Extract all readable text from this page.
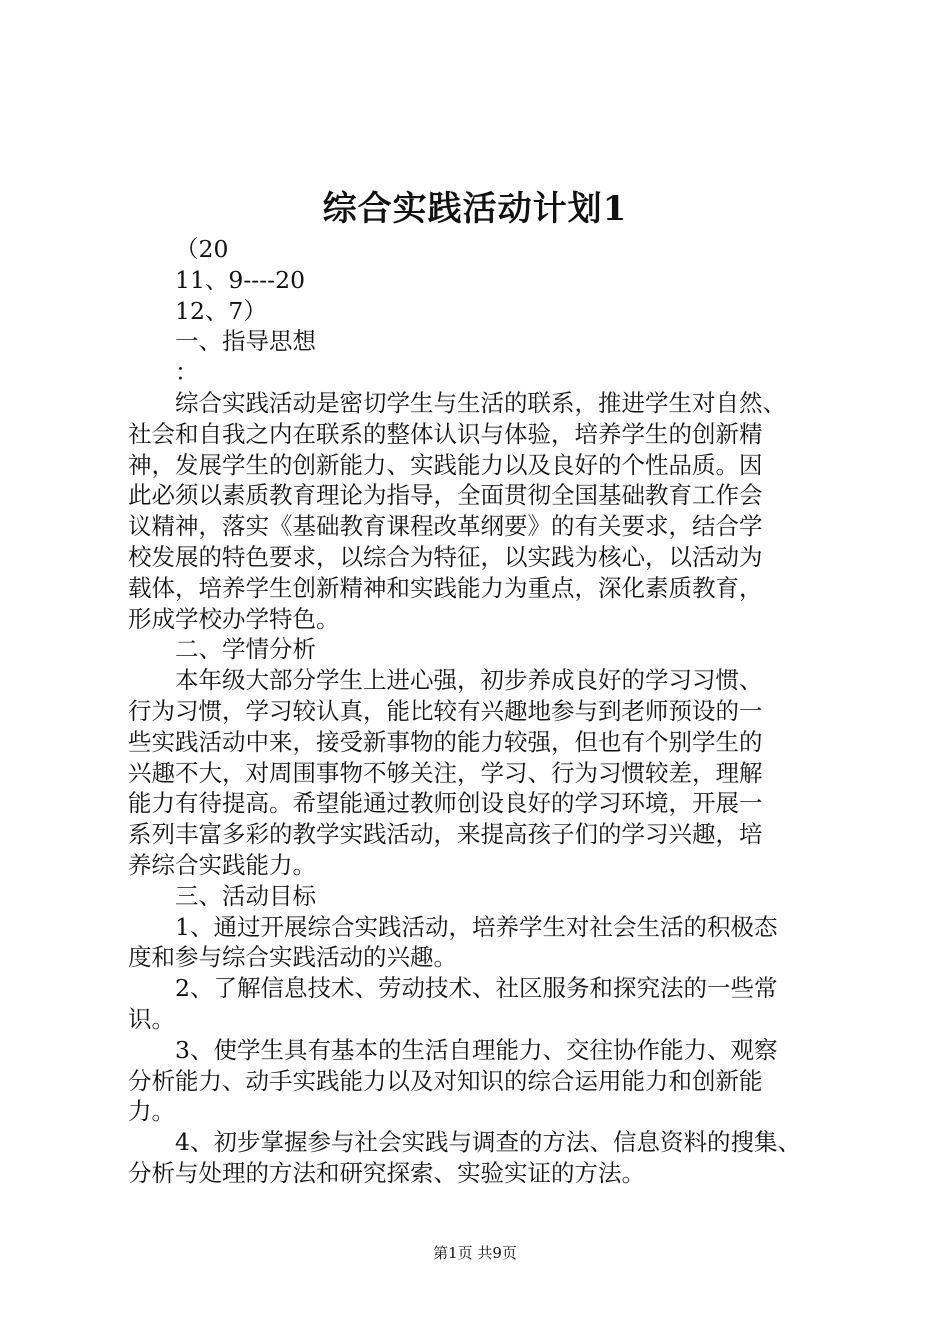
综合实践活动计划1
（20
11、9----20
12、7）
一、指导思想
：
综合实践活动是密切学生与生活的联系，推进学生对自然、
社会和自我之内在联系的整体认识与体验，培养学生的创新精
神，发展学生的创新能力、实践能力以及良好的个性品质。因
此必须以素质教育理论为指导，全面贯彻全国基础教育工作会
议精神，落实《基础教育课程改革纲要》的有关要求，结合学
校发展的特色要求，以综合为特征，以实践为核心，以活动为
载体，培养学生创新精神和实践能力为重点，深化素质教育，
形成学校办学特色。
二、学情分析
本年级大部分学生上进心强，初步养成良好的学习习惯、
行为习惯，学习较认真，能比较有兴趣地参与到老师预设的一
些实践活动中来，接受新事物的能力较强，但也有个别学生的
兴趣不大，对周围事物不够关注，学习、行为习惯较差，理解
能力有待提高。希望能通过教师创设良好的学习环境，开展一
系列丰富多彩的教学实践活动，来提高孩子们的学习兴趣，培
养综合实践能力。
三、活动目标
1、通过开展综合实践活动，培养学生对社会生活的积极态
度和参与综合实践活动的兴趣。
2、了解信息技术、劳动技术、社区服务和探究法的一些常
识。
3、使学生具有基本的生活自理能力、交往协作能力、观察
分析能力、动手实践能力以及对知识的综合运用能力和创新能
力。
4、初步掌握参与社会实践与调查的方法、信息资料的搜集、
分析与处理的方法和研究探索、实验实证的方法。
第1页 共9页
